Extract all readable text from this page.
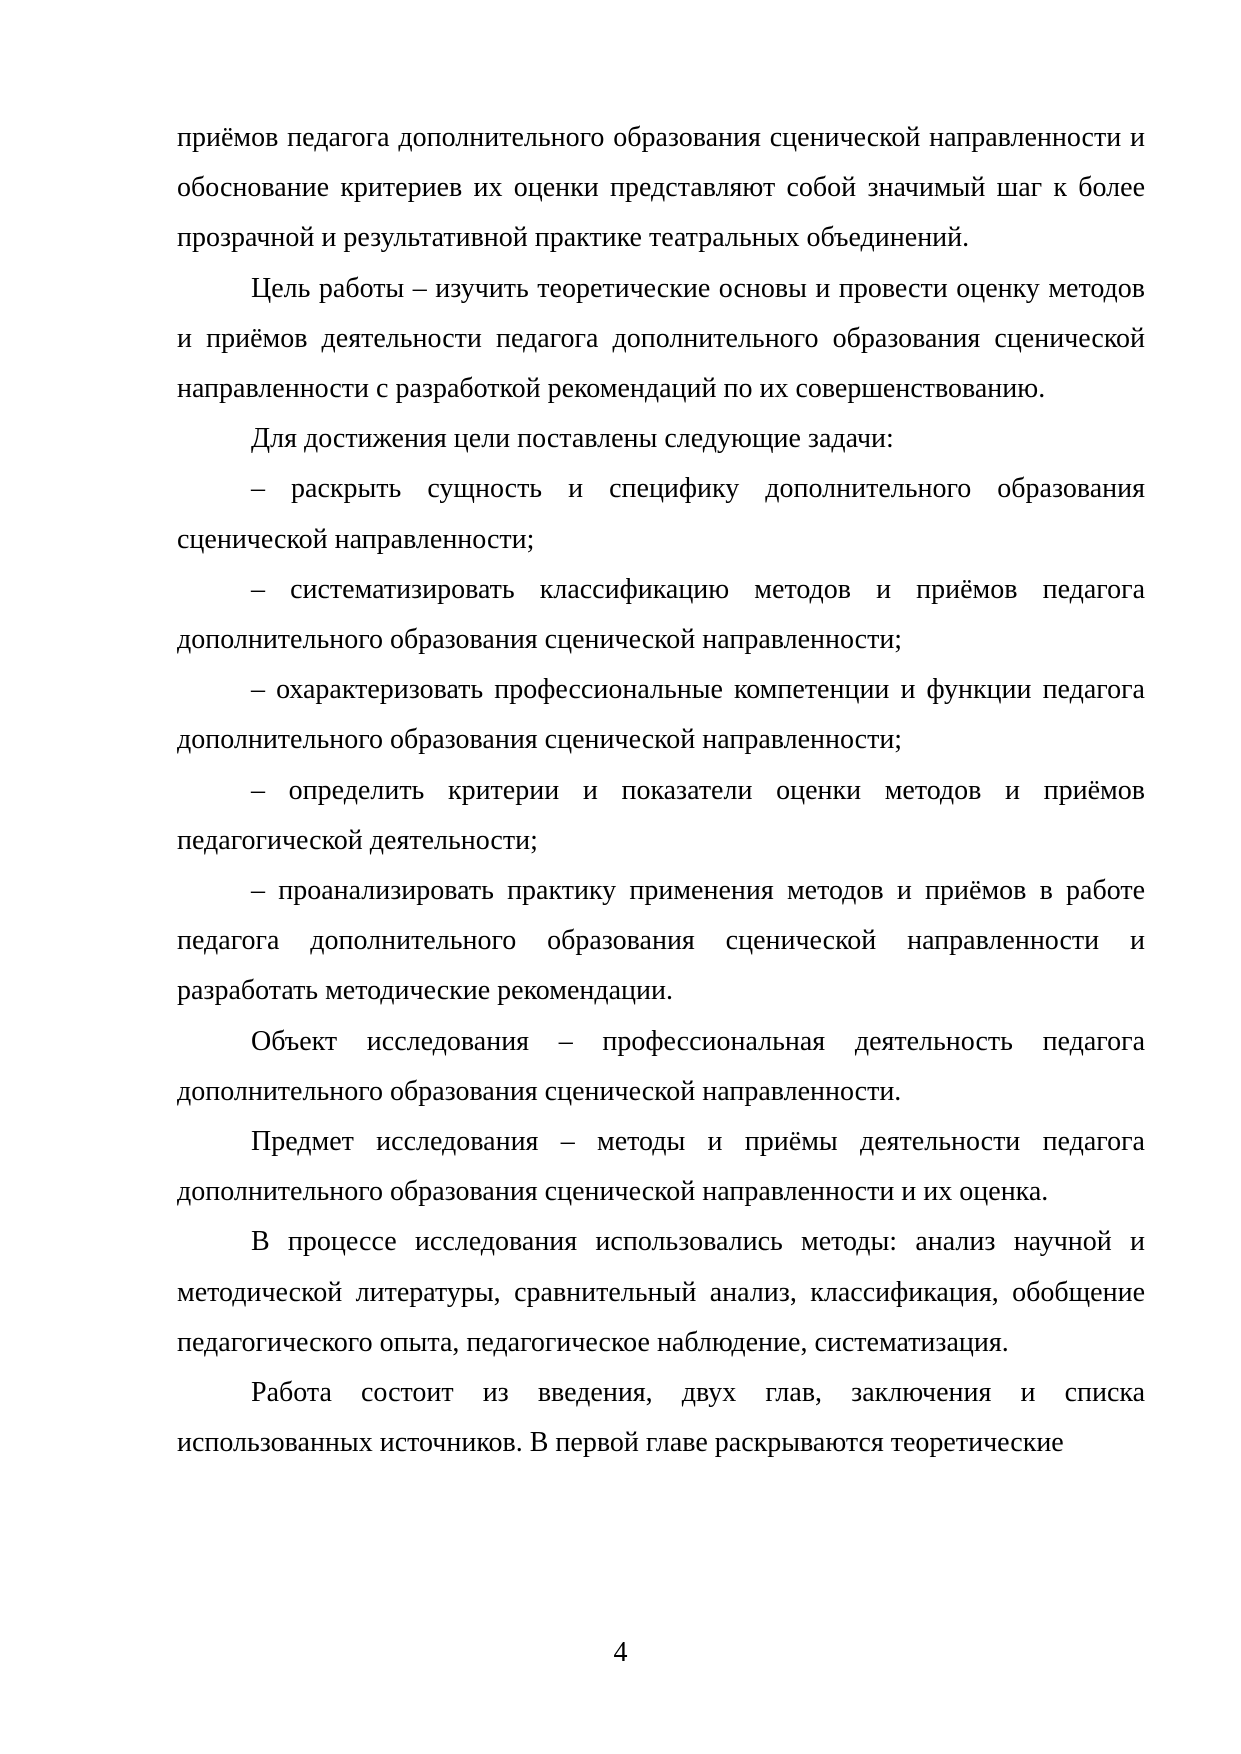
приёмов педагога дополнительного образования сценической направленности и обоснование критериев их оценки представляют собой значимый шаг к более прозрачной и результативной практике театральных объединений.

Цель работы – изучить теоретические основы и провести оценку методов и приёмов деятельности педагога дополнительного образования сценической направленности с разработкой рекомендаций по их совершенствованию.

Для достижения цели поставлены следующие задачи:

– раскрыть сущность и специфику дополнительного образования сценической направленности;

– систематизировать классификацию методов и приёмов педагога дополнительного образования сценической направленности;

– охарактеризовать профессиональные компетенции и функции педагога дополнительного образования сценической направленности;

– определить критерии и показатели оценки методов и приёмов педагогической деятельности;

– проанализировать практику применения методов и приёмов в работе педагога дополнительного образования сценической направленности и разработать методические рекомендации.

Объект исследования – профессиональная деятельность педагога дополнительного образования сценической направленности.

Предмет исследования – методы и приёмы деятельности педагога дополнительного образования сценической направленности и их оценка.

В процессе исследования использовались методы: анализ научной и методической литературы, сравнительный анализ, классификация, обобщение педагогического опыта, педагогическое наблюдение, систематизация.

Работа состоит из введения, двух глав, заключения и списка использованных источников. В первой главе раскрываются теоретические

4
